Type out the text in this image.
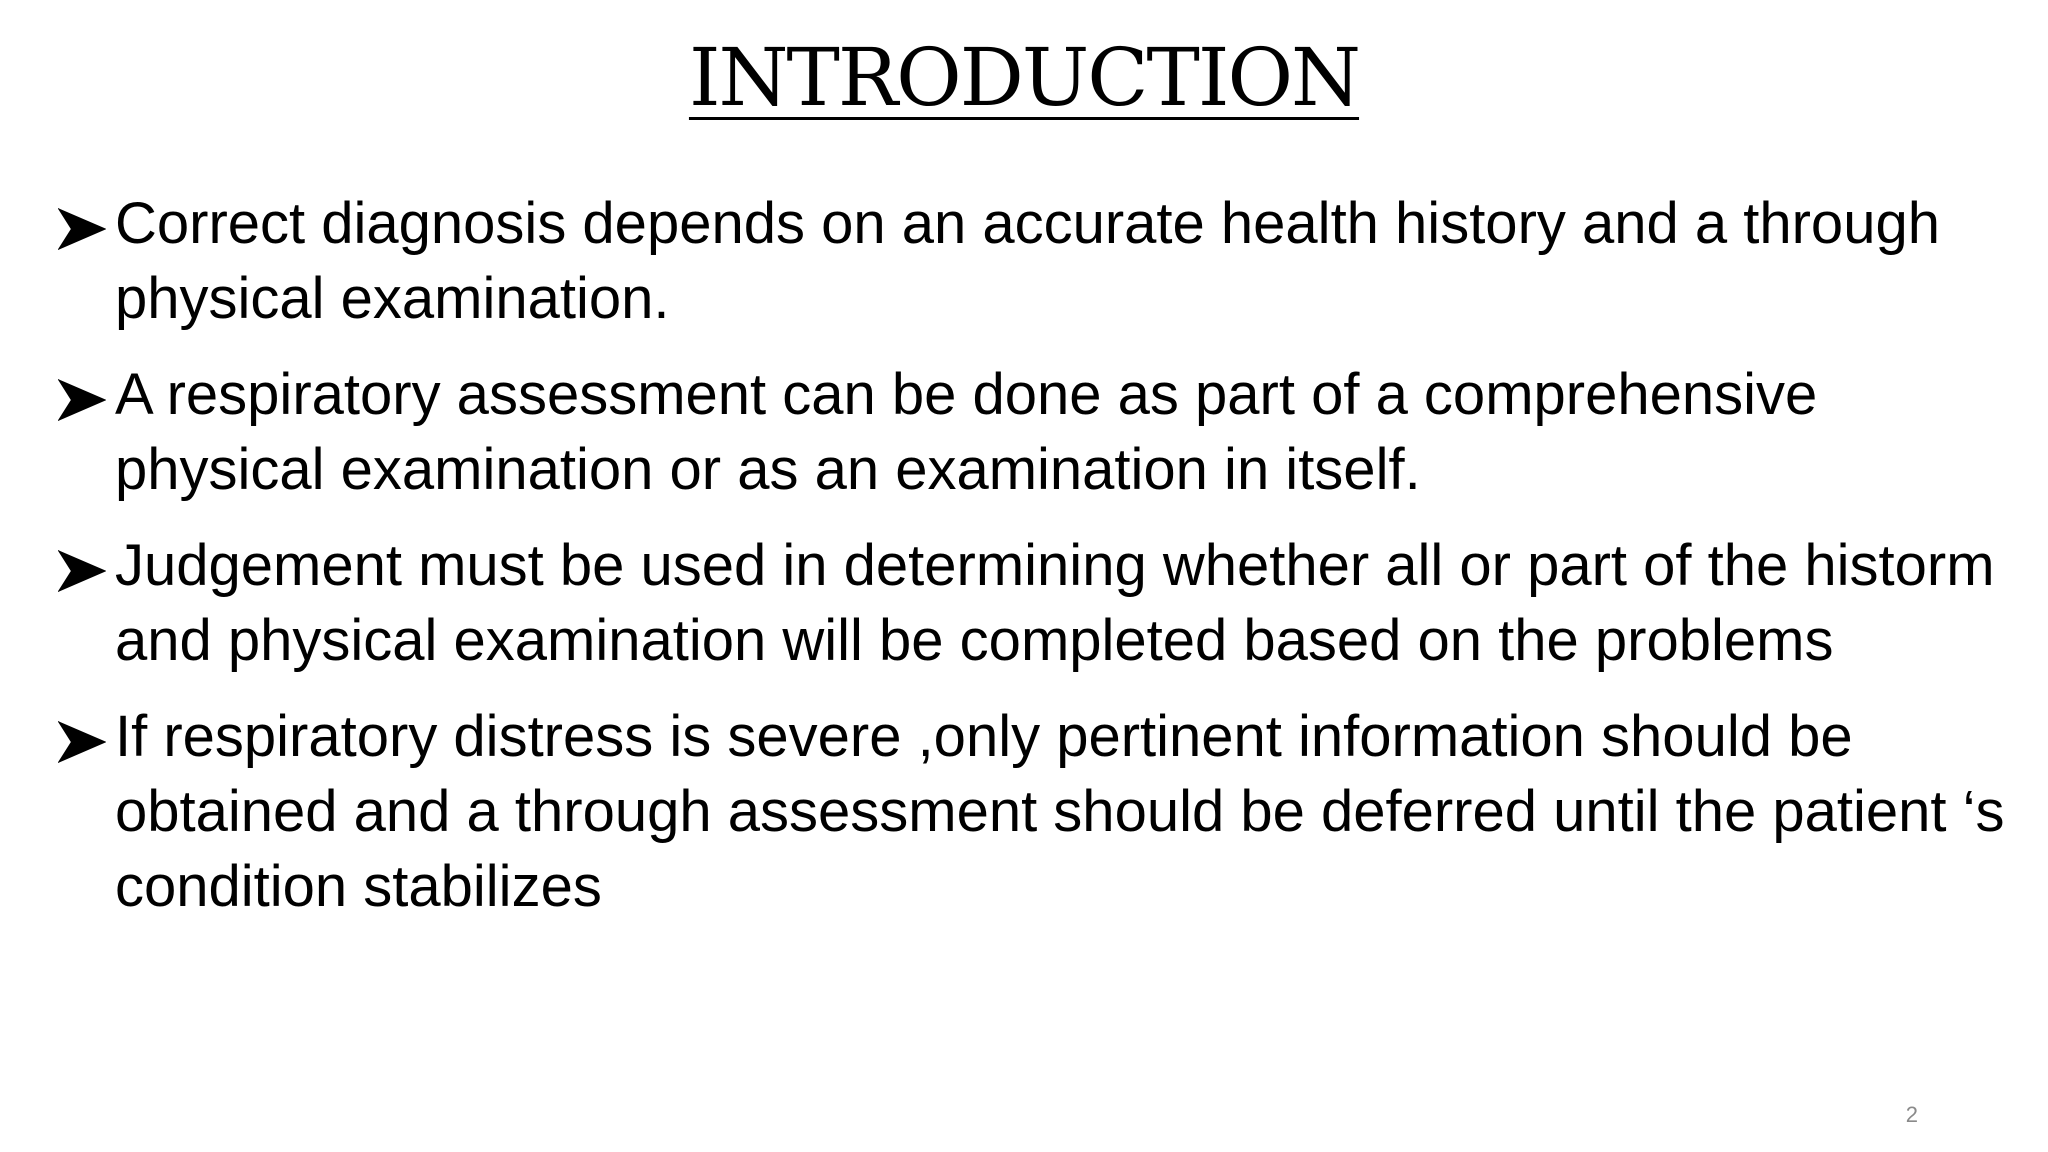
INTRODUCTION
Correct diagnosis depends on an accurate health history and a through physical examination.
A respiratory assessment can be done as part of a comprehensive physical examination or as an examination in itself.
Judgement must be used in determining whether all or part of the historm and physical examination will be completed based on the problems
If respiratory distress is severe ,only pertinent information should be obtained and a through assessment should be deferred until the patient ‘s condition stabilizes
2
